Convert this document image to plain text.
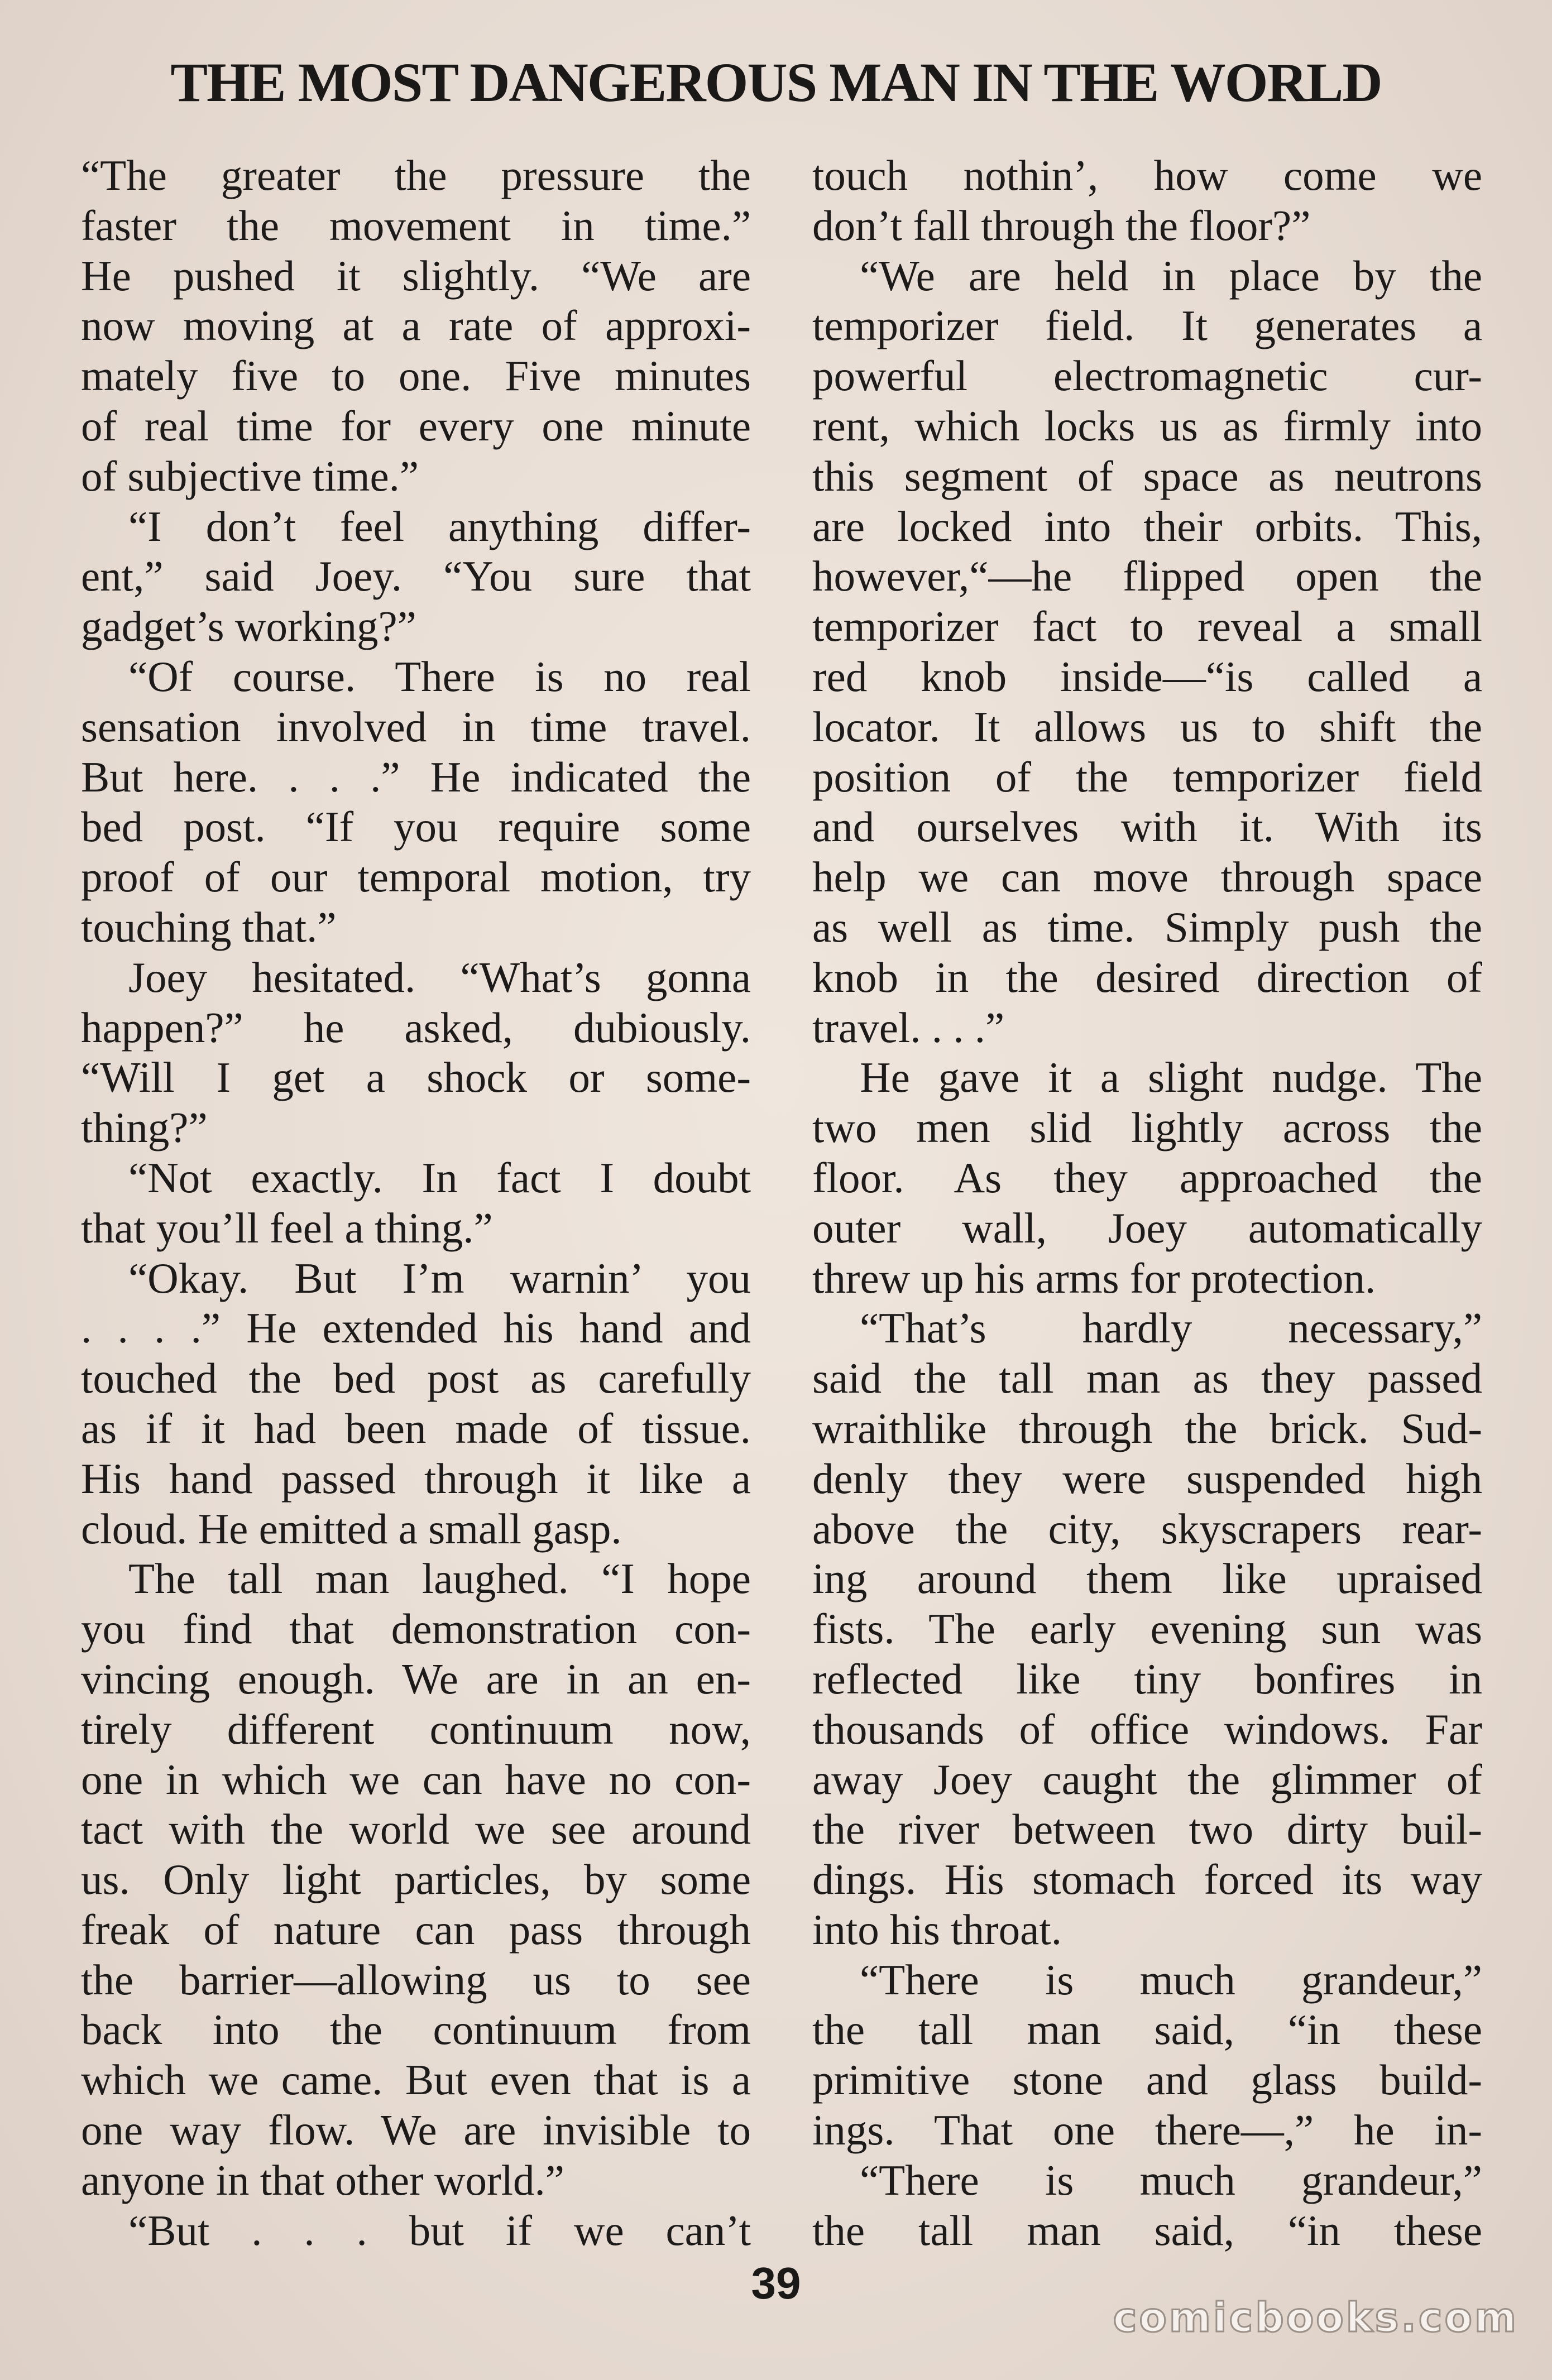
THE MOST DANGEROUS MAN IN THE WORLD
“The greater the pressure the
faster the movement in time.”
He pushed it slightly. “We are
now moving at a rate of approxi-
mately five to one. Five minutes
of real time for every one minute
of subjective time.”
“I don’t feel anything differ-
ent,” said Joey. “You sure that
gadget’s working?”
“Of course. There is no real
sensation involved in time travel.
But here. . . .” He indicated the
bed post. “If you require some
proof of our temporal motion, try
touching that.”
Joey hesitated. “What’s gonna
happen?” he asked, dubiously.
“Will I get a shock or some-
thing?”
“Not exactly. In fact I doubt
that you’ll feel a thing.”
“Okay. But I’m warnin’ you
. . . .” He extended his hand and
touched the bed post as carefully
as if it had been made of tissue.
His hand passed through it like a
cloud. He emitted a small gasp.
The tall man laughed. “I hope
you find that demonstration con-
vincing enough. We are in an en-
tirely different continuum now,
one in which we can have no con-
tact with the world we see around
us. Only light particles, by some
freak of nature can pass through
the barrier—allowing us to see
back into the continuum from
which we came. But even that is a
one way flow. We are invisible to
anyone in that other world.”
“But . . . but if we can’t
touch nothin’, how come we
don’t fall through the floor?”
“We are held in place by the
temporizer field. It generates a
powerful electromagnetic cur-
rent, which locks us as firmly into
this segment of space as neutrons
are locked into their orbits. This,
however,“—he flipped open the
temporizer fact to reveal a small
red knob inside—“is called a
locator. It allows us to shift the
position of the temporizer field
and ourselves with it. With its
help we can move through space
as well as time. Simply push the
knob in the desired direction of
travel. . . .”
He gave it a slight nudge. The
two men slid lightly across the
floor. As they approached the
outer wall, Joey automatically
threw up his arms for protection.
“That’s hardly necessary,”
said the tall man as they passed
wraithlike through the brick. Sud-
denly they were suspended high
above the city, skyscrapers rear-
ing around them like upraised
fists. The early evening sun was
reflected like tiny bonfires in
thousands of office windows. Far
away Joey caught the glimmer of
the river between two dirty buil-
dings. His stomach forced its way
into his throat.
“There is much grandeur,”
the tall man said, “in these
primitive stone and glass build-
ings. That one there—,” he in-
“There is much grandeur,”
the tall man said, “in these
39
comicbooks.com
